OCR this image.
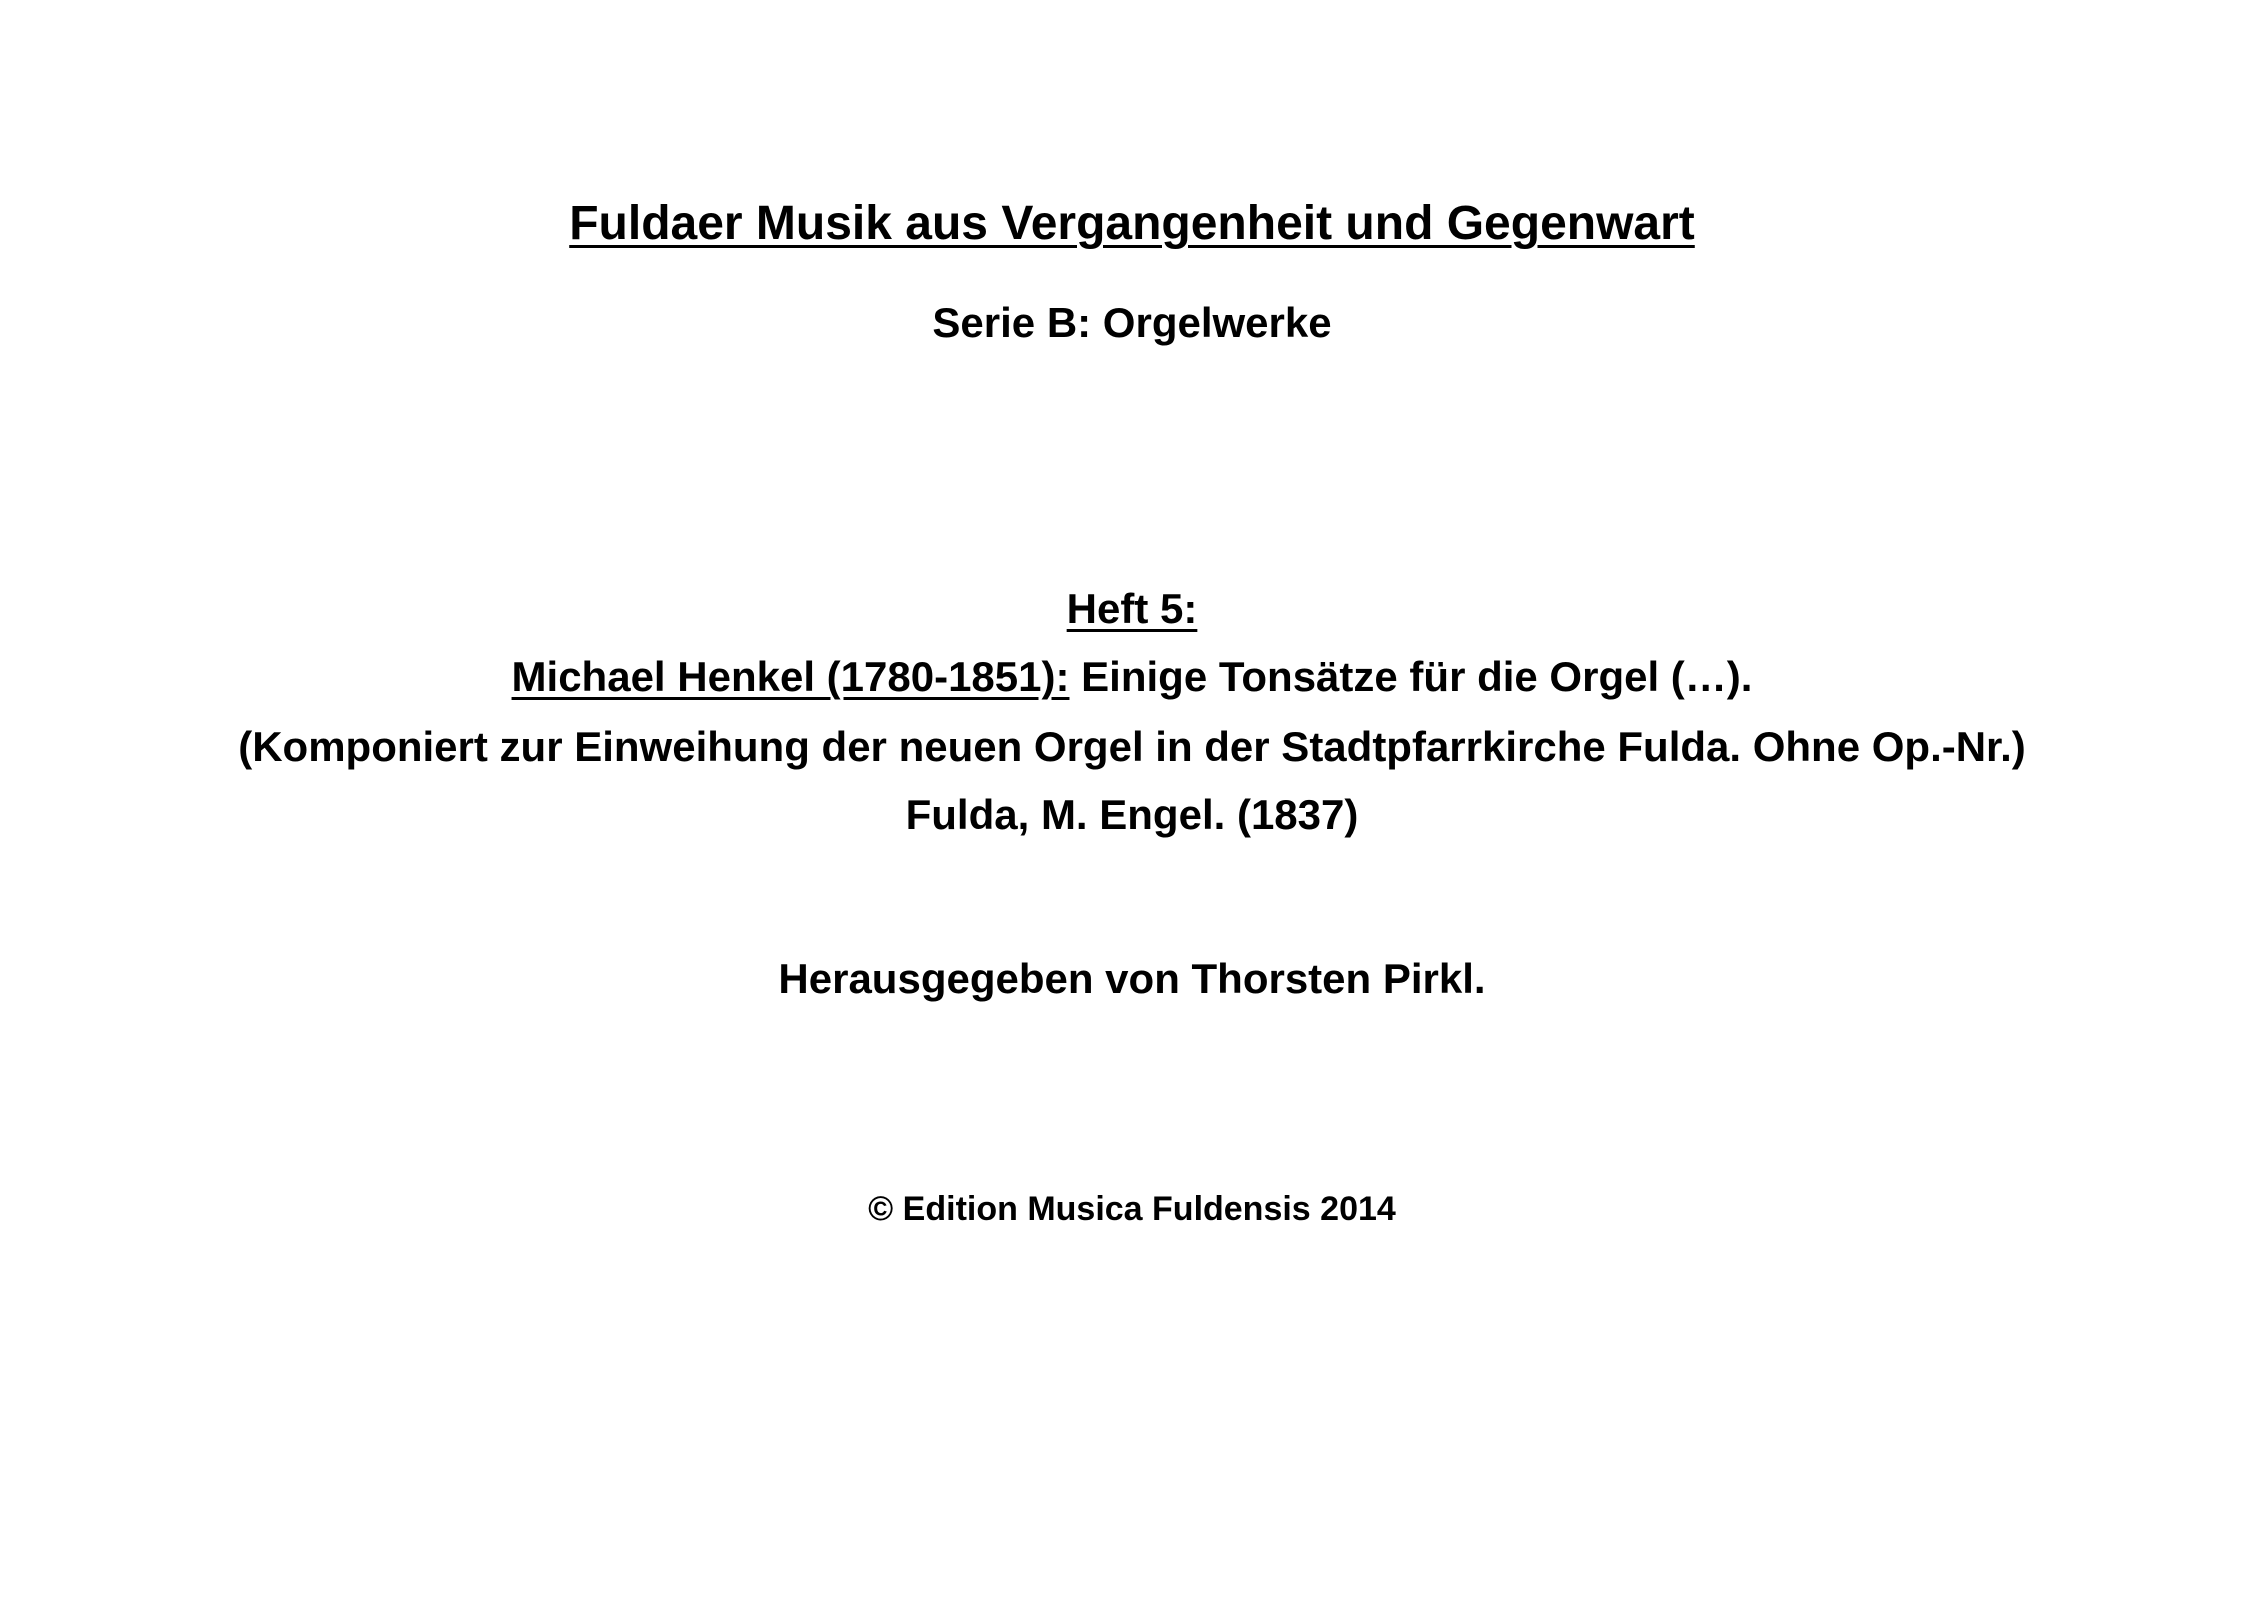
Fuldaer Musik aus Vergangenheit und Gegenwart
Serie B: Orgelwerke
Heft 5:
Michael Henkel (1780-1851): Einige Tonsätze für die Orgel (…).
(Komponiert zur Einweihung der neuen Orgel in der Stadtpfarrkirche Fulda. Ohne Op.-Nr.)
Fulda, M. Engel. (1837)
Herausgegeben von Thorsten Pirkl.
© Edition Musica Fuldensis 2014
